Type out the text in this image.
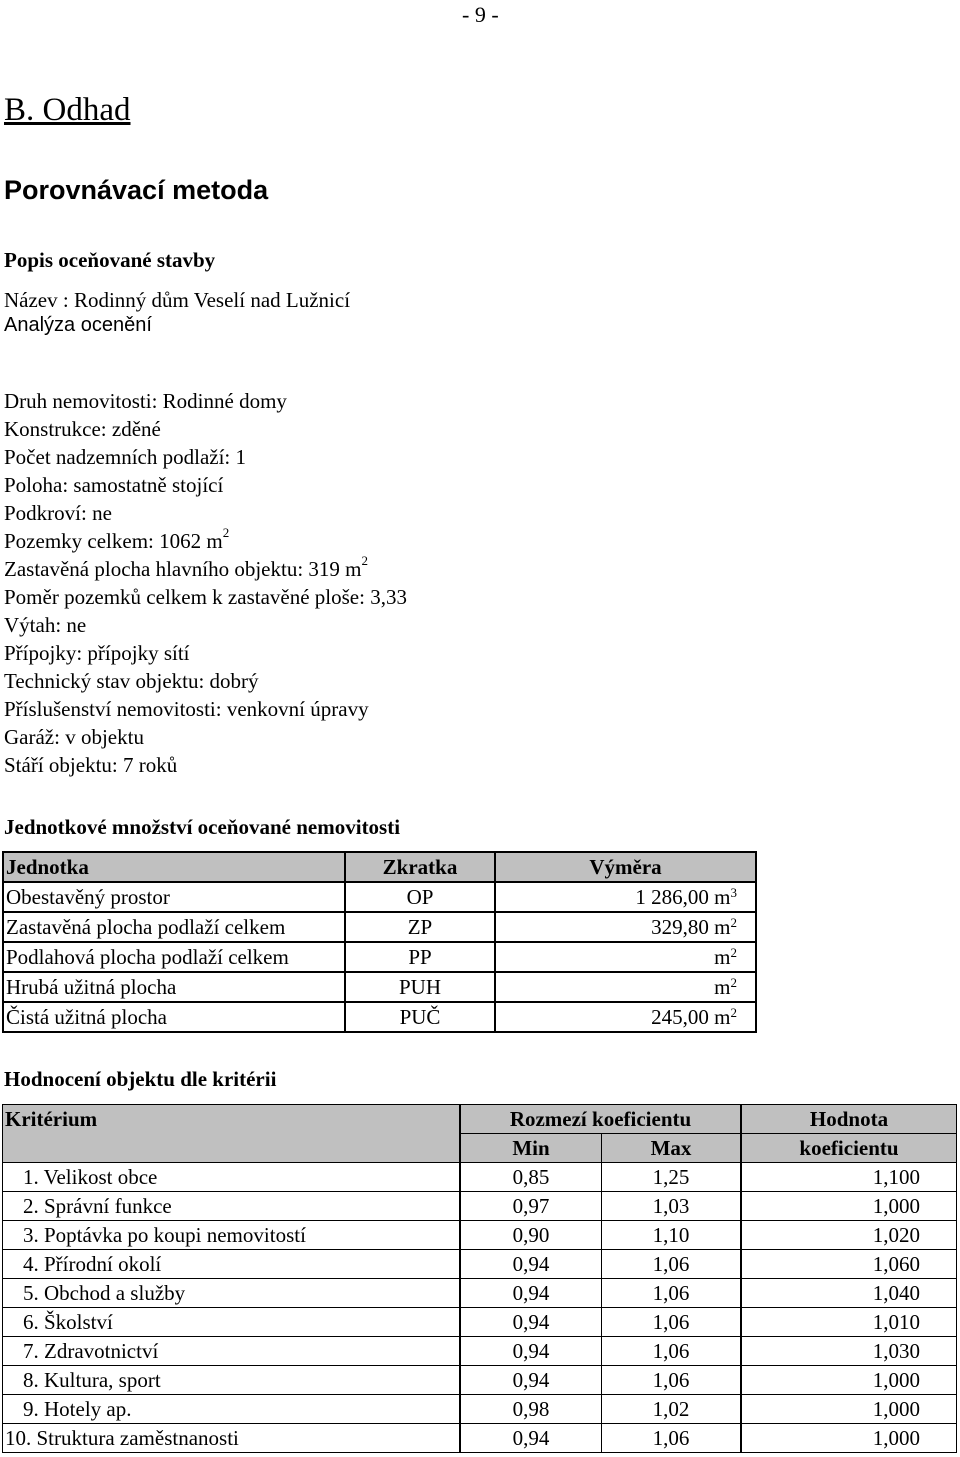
- 9 -
B. Odhad
Porovnávací metoda
Popis oceňované stavby
Název : Rodinný dům Veselí nad Lužnicí
Analýza ocenění
Druh nemovitosti: Rodinné domy
Konstrukce: zděné
Počet nadzemních podlaží: 1
Poloha: samostatně stojící
Podkroví: ne
Pozemky celkem: 1062 $m^2$
Zastavěná plocha hlavního objektu: 319 $m^2$
Poměr pozemků celkem k zastavěné ploše: 3,33
Výtah: ne
Přípojky: přípojky sítí
Technický stav objektu: dobrý
Příslušenství nemovitosti: venkovní úpravy
Garáž: v objektu
Stáří objektu: 7 roků
Jednotkové množství oceňované nemovitosti
Jednotka	Zkratka	Výměra
Obestavěný prostor	OP	1 286,00 $m^3$
Zastavěná plocha podlaží celkem	ZP	329,80 $m^2$
Podlahová plocha podlaží celkem	PP	$m^2$
Hrubá užitná plocha	PUH	$m^2$
Čistá užitná plocha	PUČ	245,00 $m^2$
Hodnocení objektu dle kritérii
Kritérium	Rozmezí koeficientu		Hodnota
	Min	Max	koeficientu
1. Velikost obce	0,85	1,25	1,100
2. Správní funkce	0,97	1,03	1,000
3. Poptávka po koupi nemovitostí	0,90	1,10	1,020
4. Přírodní okolí	0,94	1,06	1,060
5. Obchod a služby	0,94	1,06	1,040
6. Školství	0,94	1,06	1,010
7. Zdravotnictví	0,94	1,06	1,030
8. Kultura, sport	0,94	1,06	1,000
9. Hotely ap.	0,98	1,02	1,000
10. Struktura zaměstnanosti	0,94	1,06	1,000
